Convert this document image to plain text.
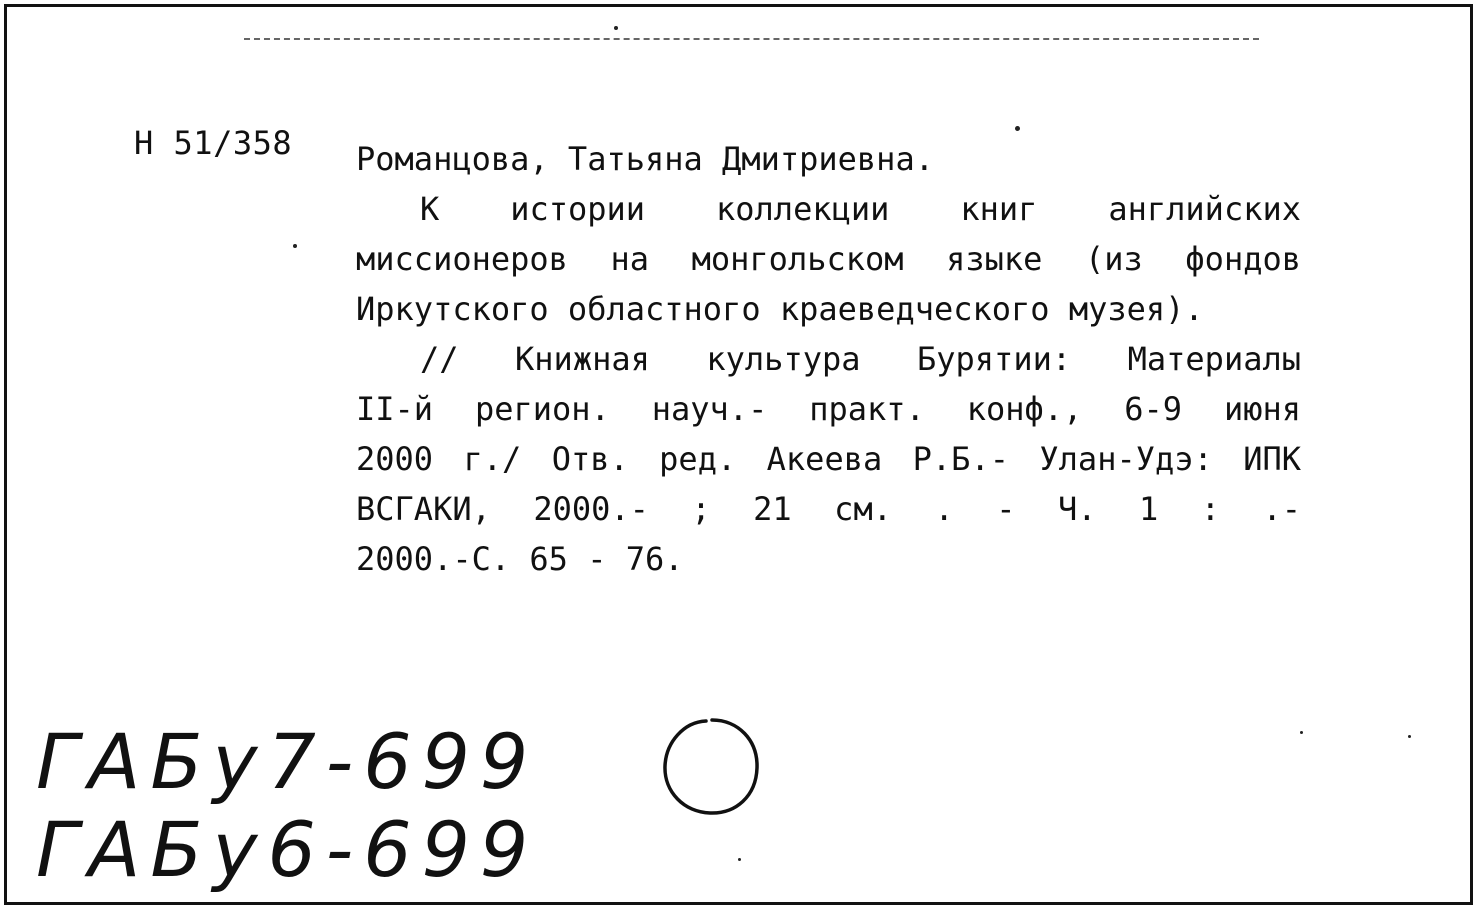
Н 51/358 Романцова, Татьяна Дмитриевна.
К истории коллекции книг английских
миссионеров на монгольском языке (из фондов
Иркутского областного краеведческого музея).
// Книжная культура Бурятии: Материалы
II-й регион. науч.- практ. конф., 6-9 июня
2000 г./ Отв. ред. Акеева Р.Б.- Улан-Удэ: ИПК
ВСГАКИ, 2000.- ; 21 см. . - Ч. 1 : .-
2000.-С. 65 - 76.
ГАБу7-699
ГАБу6-699
